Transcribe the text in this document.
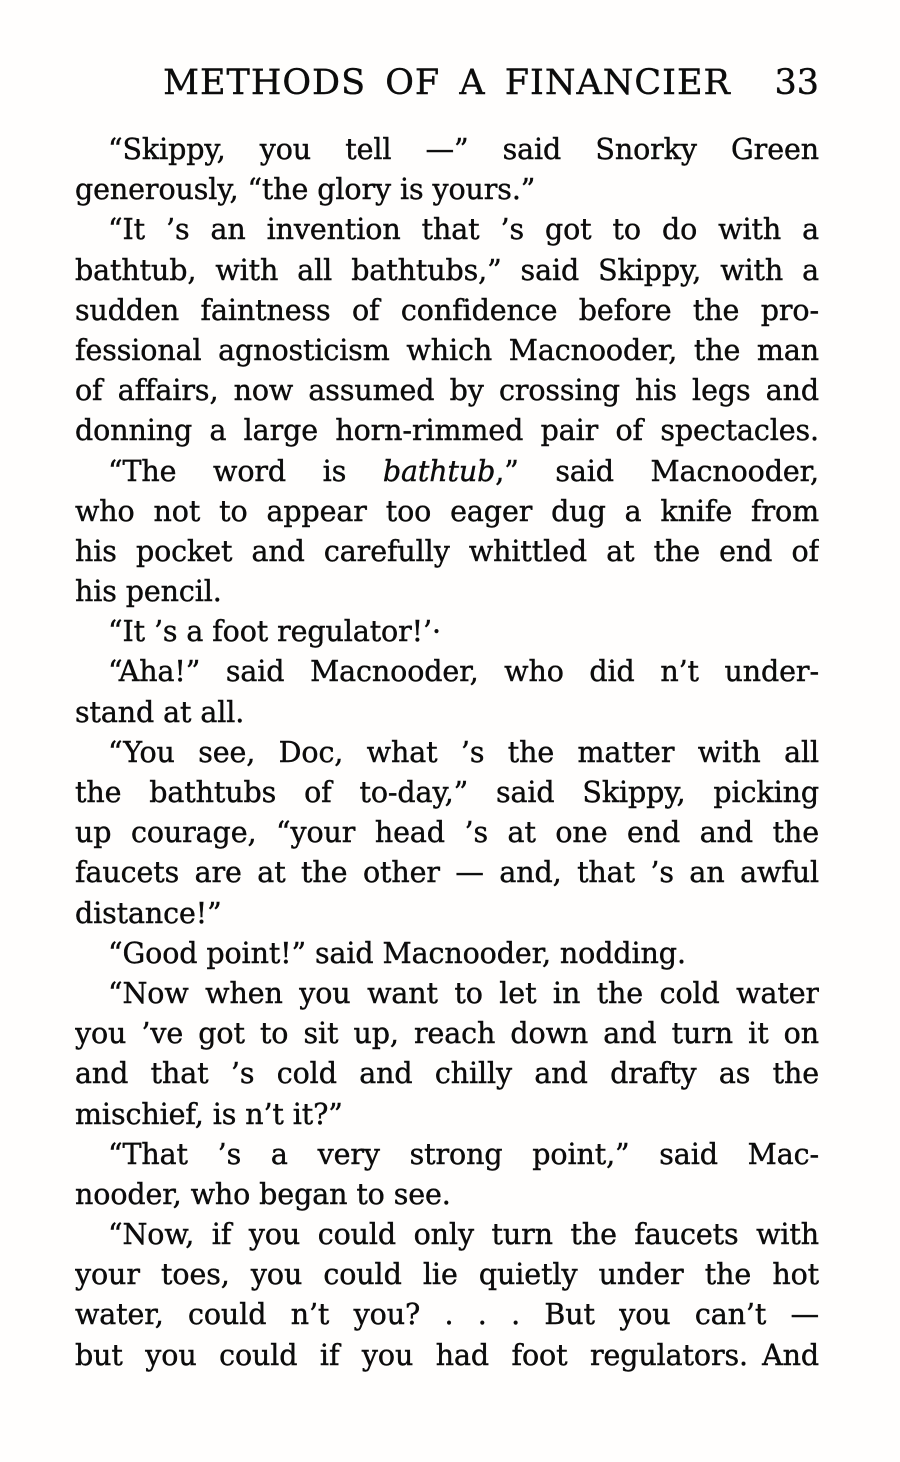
METHODS OF A FINANCIER	33
“Skippy, you tell —” said Snorky Green
generously, “the glory is yours.”
“It ’s an invention that ’s got to do with a
bathtub, with all bathtubs,” said Skippy, with a
sudden faintness of confidence before the pro-
fessional agnosticism which Macnooder, the man
of affairs, now assumed by crossing his legs and
donning a large horn-rimmed pair of spectacles.
“The word is bathtub,” said Macnooder,
who not to appear too eager dug a knife from
his pocket and carefully whittled at the end of
his pencil.
“It ’s a foot regulator!’·
“Aha!” said Macnooder, who did n’t under-
stand at all.
“You see, Doc, what ’s the matter with all
the bathtubs of to-day,” said Skippy, picking
up courage, “your head ’s at one end and the
faucets are at the other — and, that ’s an awful
distance!”
“Good point!” said Macnooder, nodding.
“Now when you want to let in the cold water
you ’ve got to sit up, reach down and turn it on
and that ’s cold and chilly and drafty as the
mischief, is n’t it?”
“That ’s a very strong point,” said Mac-
nooder, who began to see.
“Now, if you could only turn the faucets with
your toes, you could lie quietly under the hot
water, could n’t you? . . . But you can’t —
but you could if you had foot regulators. And
